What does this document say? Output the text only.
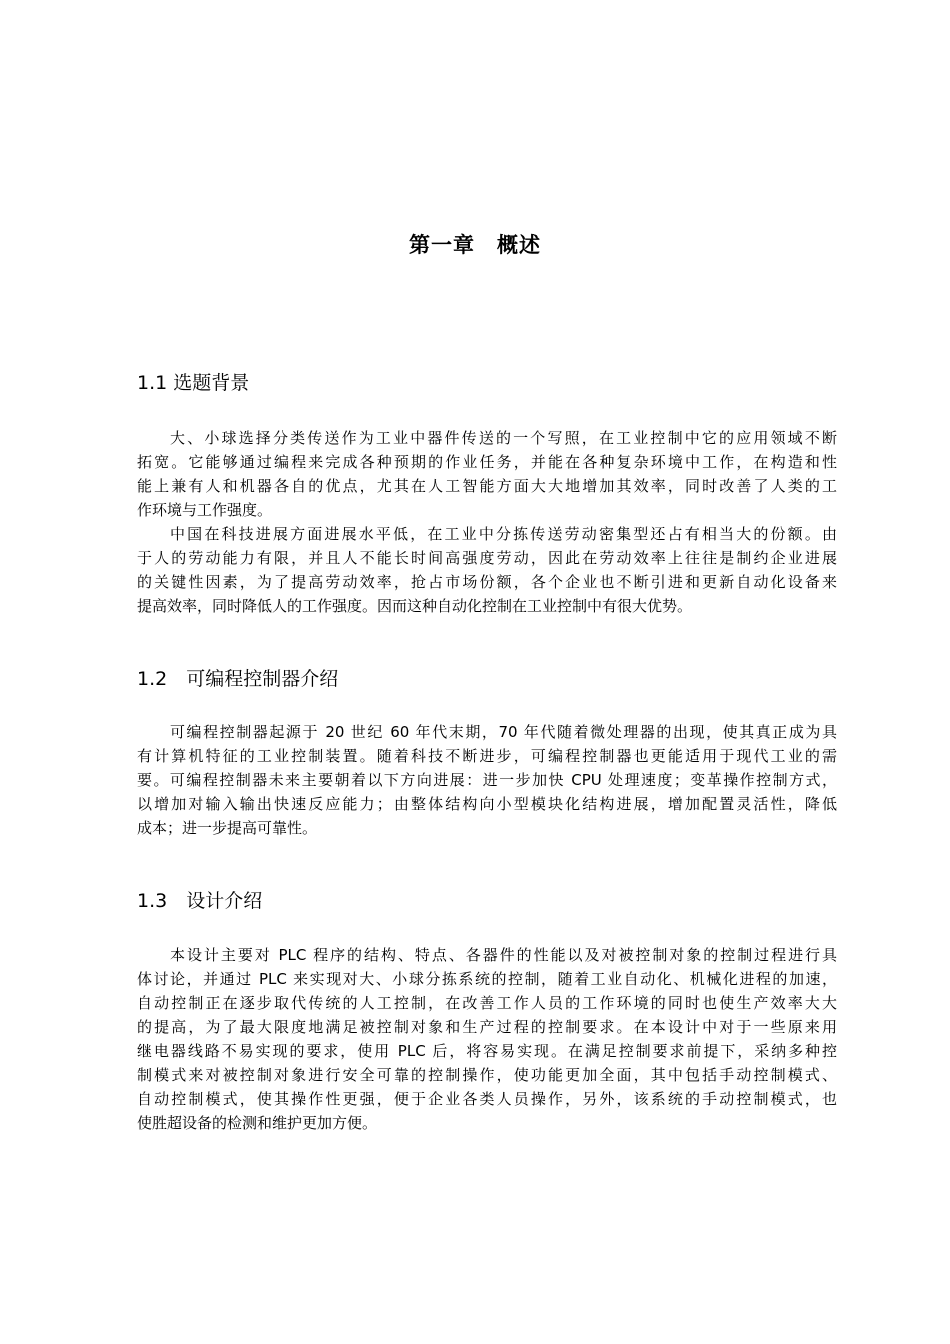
第一章　概述
1.1 选题背景
大、小球选择分类传送作为工业中器件传送的一个写照，在工业控制中它的应用领域不断
拓宽。它能够通过编程来完成各种预期的作业任务，并能在各种复杂环境中工作，在构造和性
能上兼有人和机器各自的优点，尤其在人工智能方面大大地增加其效率，同时改善了人类的工
作环境与工作强度。
中国在科技进展方面进展水平低，在工业中分拣传送劳动密集型还占有相当大的份额。由
于人的劳动能力有限，并且人不能长时间高强度劳动，因此在劳动效率上往往是制约企业进展
的关键性因素，为了提高劳动效率，抢占市场份额，各个企业也不断引进和更新自动化设备来
提高效率，同时降低人的工作强度。因而这种自动化控制在工业控制中有很大优势。
1.2　可编程控制器介绍
可编程控制器起源于 20 世纪 60 年代末期，70 年代随着微处理器的出现，使其真正成为具
有计算机特征的工业控制装置。随着科技不断进步，可编程控制器也更能适用于现代工业的需
要。可编程控制器未来主要朝着以下方向进展：进一步加快 CPU 处理速度；变革操作控制方式，
以增加对输入输出快速反应能力；由整体结构向小型模块化结构进展，增加配置灵活性，降低
成本；进一步提高可靠性。
1.3　设计介绍
本设计主要对 PLC 程序的结构、特点、各器件的性能以及对被控制对象的控制过程进行具
体讨论，并通过 PLC 来实现对大、小球分拣系统的控制，随着工业自动化、机械化进程的加速，
自动控制正在逐步取代传统的人工控制，在改善工作人员的工作环境的同时也使生产效率大大
的提高，为了最大限度地满足被控制对象和生产过程的控制要求。在本设计中对于一些原来用
继电器线路不易实现的要求，使用 PLC 后，将容易实现。在满足控制要求前提下，采纳多种控
制模式来对被控制对象进行安全可靠的控制操作，使功能更加全面，其中包括手动控制模式、
自动控制模式，使其操作性更强，便于企业各类人员操作，另外，该系统的手动控制模式，也
使胜超设备的检测和维护更加方便。
